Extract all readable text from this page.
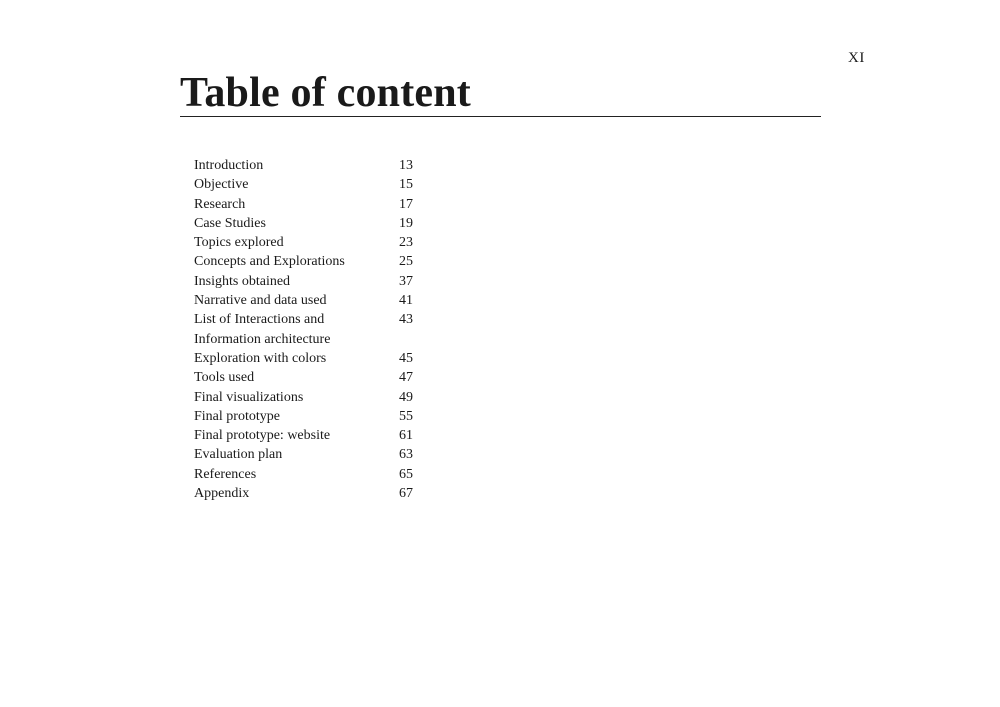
XI
Table of content
Introduction	13
Objective	15
Research	17
Case Studies	19
Topics explored	23
Concepts and Explorations	25
Insights obtained	37
Narrative and data used	41
List of Interactions and
Information architecture
43
Exploration with colors	45
Tools used	47
Final visualizations	49
Final prototype	55
Final prototype: website	61
Evaluation plan	63
References	65
Appendix	67
